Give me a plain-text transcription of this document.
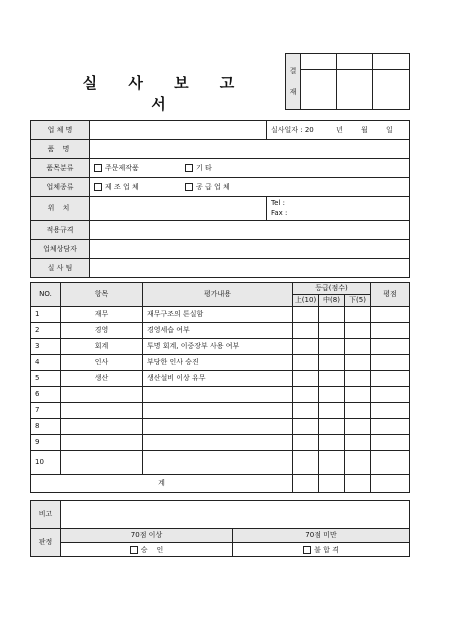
실 사 보 고 서
결
재			

업 체 명		실사일자 : 20 년 월 일
품 명		
품목분류	주문제작품 기 타	

업체종류	제 조 업 체 공 급 업 체	

위 치		Tel :
Fax :

적용규격		
업체상담자		
실 사 팀		
NO.	항목	평가내용	등급(점수)			평점
			上(10)	中(8)	下(5)	
1	재무	재무구조의 튼실함				
2	경영	경영세습 여부				
3	회계	투명 회계, 이중장부 사용 여부				
4	인사	부당한 인사 승진				
5	생산	생산설비 이상 유무				
6						
7						
8						
9						
10						
계						
비고		
판정	70점 이상	70점 미만
	승    인	불 합 격
